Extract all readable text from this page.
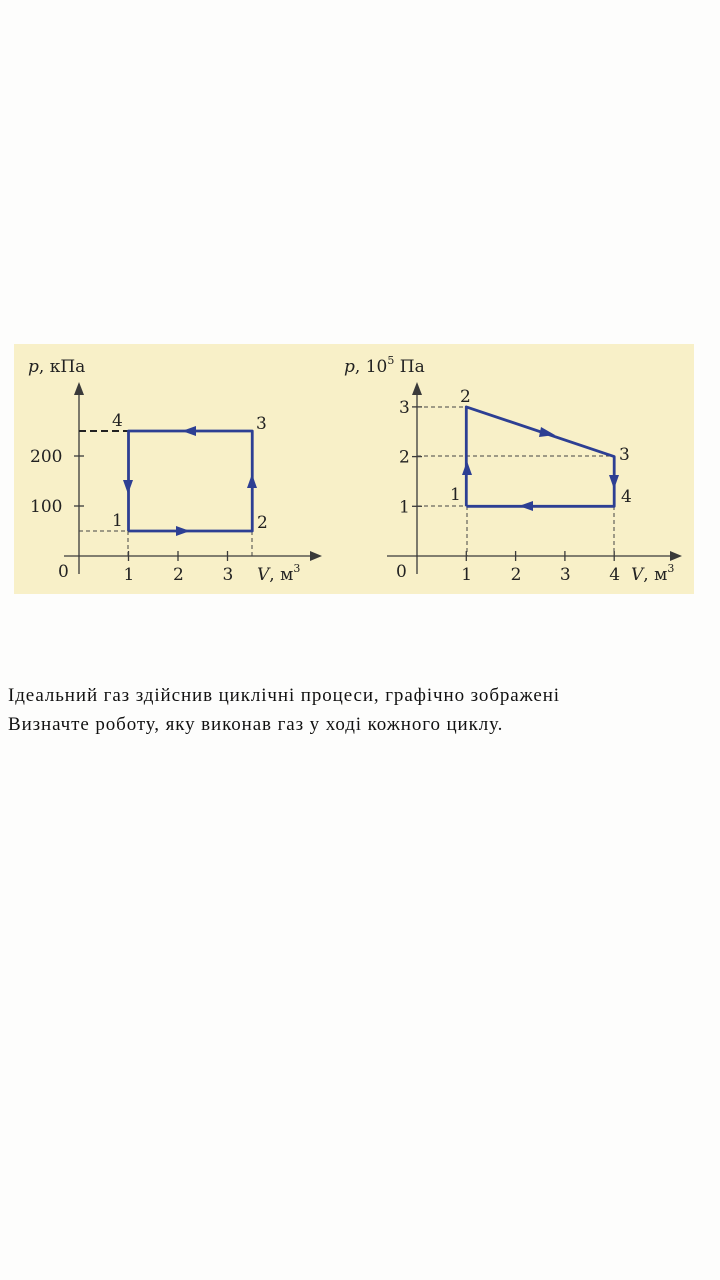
p, кПа
V, $м^3$
0	1 2 3
100
200
1	2
3
4
p, $10^5$ Па
V, $м^3$
0	1 2 3 4
1
2
3
1
2
3
4

Ідеальний газ здійснив циклічні процеси, графічно зображені

Визначте роботу, яку виконав газ у ході кожного циклу.
